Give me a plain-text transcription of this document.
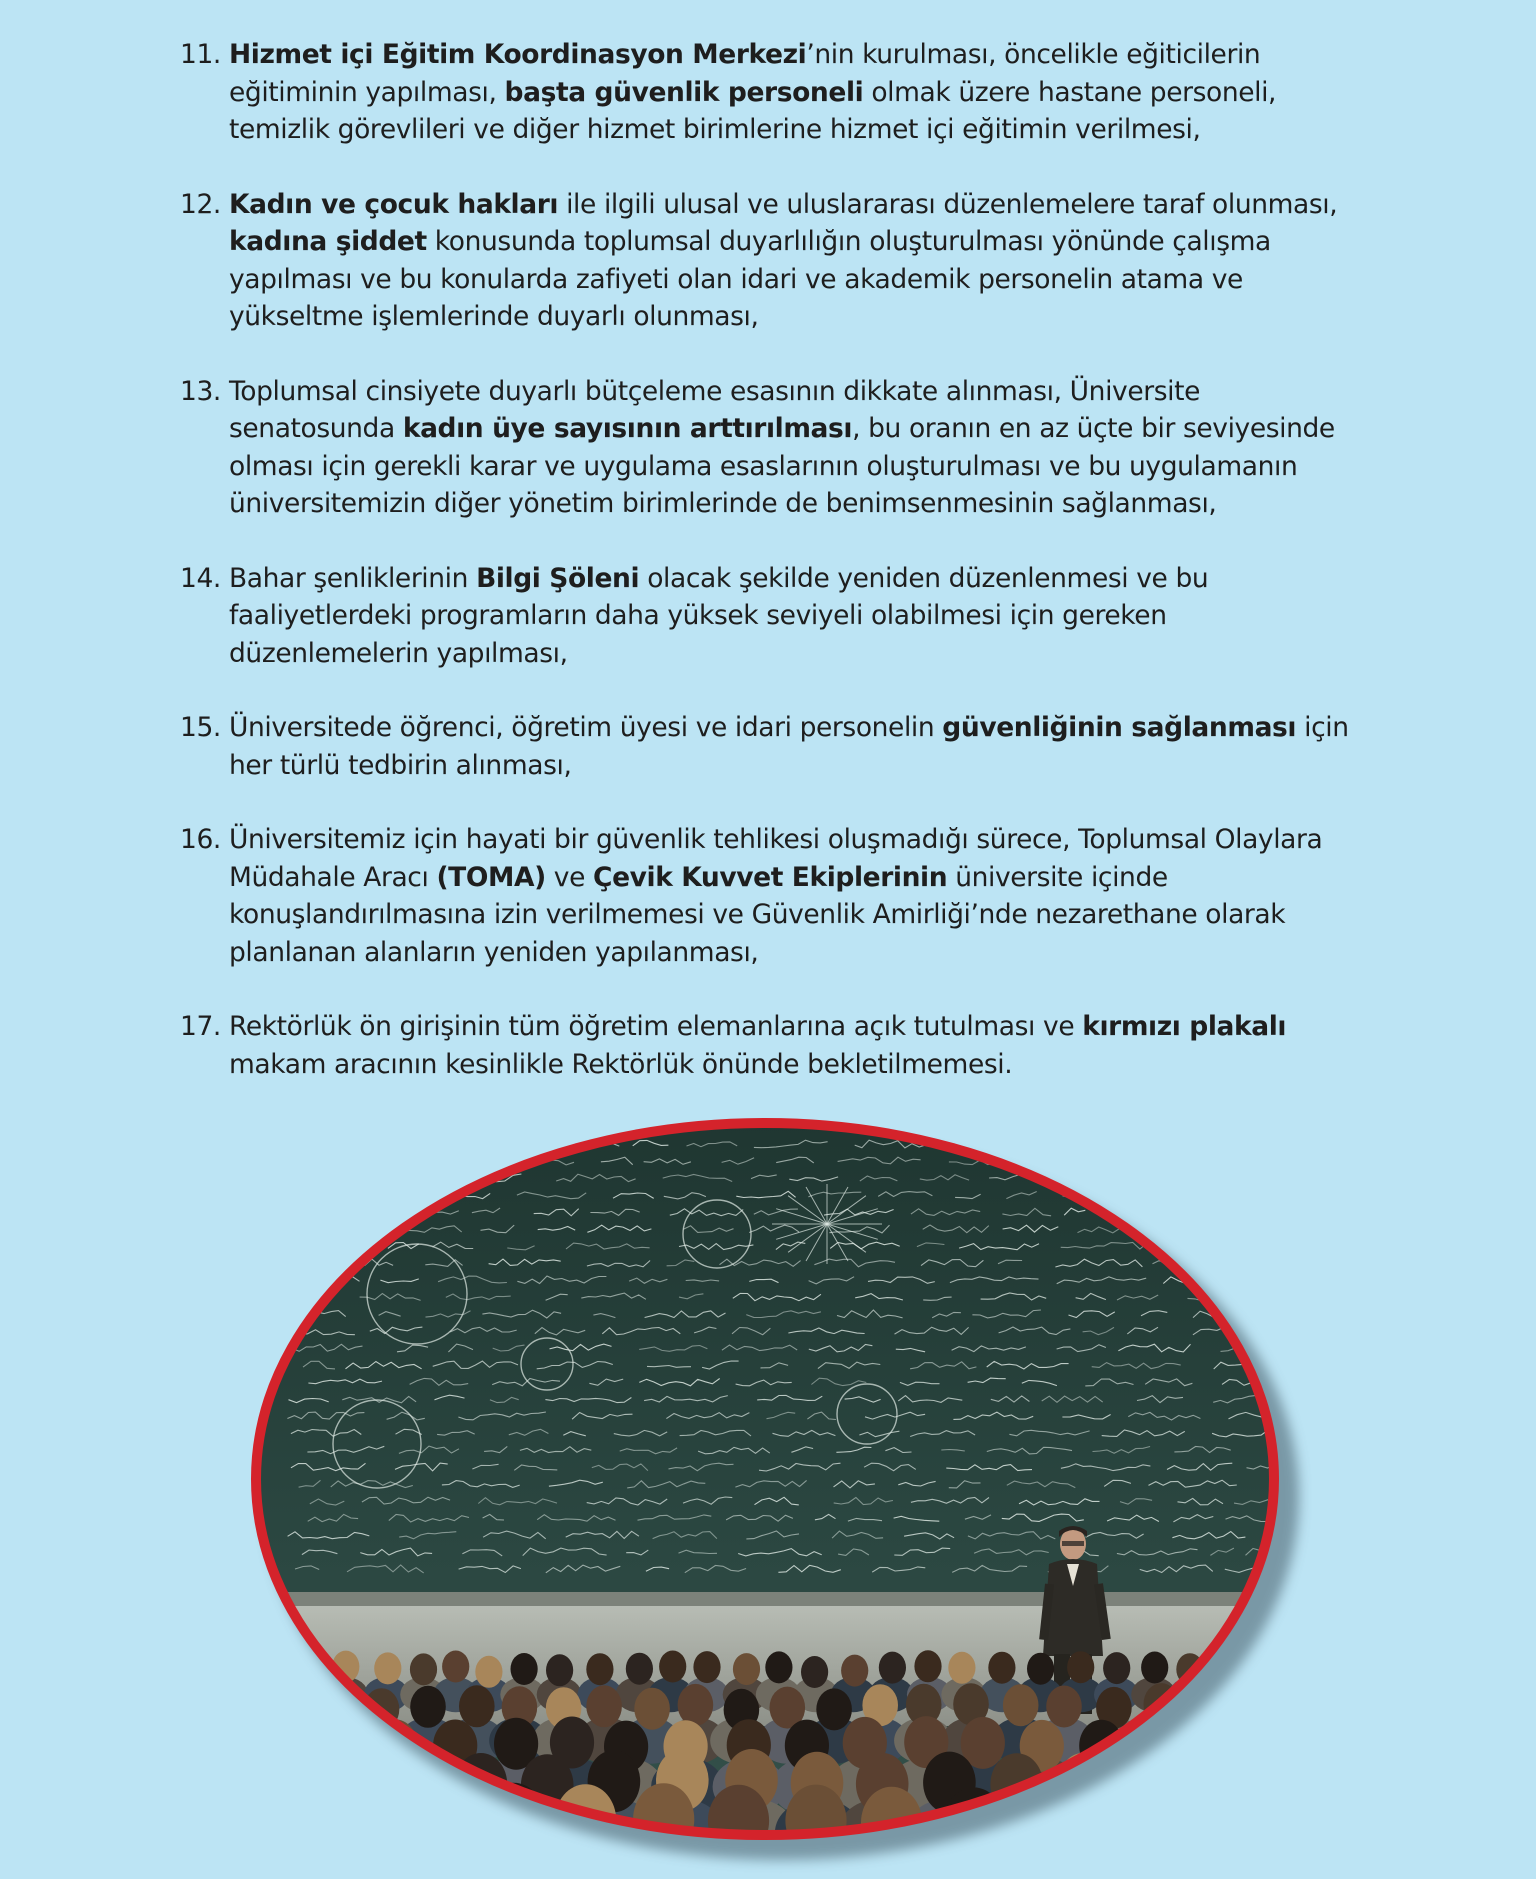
11. Hizmet içi Eğitim Koordinasyon Merkezi’nin kurulması, öncelikle eğiticilerin eğitiminin yapılması, başta güvenlik personeli olmak üzere hastane personeli, temizlik görevlileri ve diğer hizmet birimlerine hizmet içi eğitimin verilmesi,
12. Kadın ve çocuk hakları ile ilgili ulusal ve uluslararası düzenlemelere taraf olunması, kadına şiddet konusunda toplumsal duyarlılığın oluşturulması yönünde çalışma yapılması ve bu konularda zafiyeti olan idari ve akademik personelin atama ve yükseltme işlemlerinde duyarlı olunması,
13. Toplumsal cinsiyete duyarlı bütçeleme esasının dikkate alınması, Üniversite senatosunda kadın üye sayısının arttırılması, bu oranın en az üçte bir seviyesinde olması için gerekli karar ve uygulama esaslarının oluşturulması ve bu uygulamanın üniversitemizin diğer yönetim birimlerinde de benimsenmesinin sağlanması,
14. Bahar şenliklerinin Bilgi Şöleni olacak şekilde yeniden düzenlenmesi ve bu faaliyetlerdeki programların daha yüksek seviyeli olabilmesi için gereken düzenlemelerin yapılması,
15. Üniversitede öğrenci, öğretim üyesi ve idari personelin güvenliğinin sağlanması için her türlü tedbirin alınması,
16. Üniversitemiz için hayati bir güvenlik tehlikesi oluşmadığı sürece, Toplumsal Olaylara Müdahale Aracı (TOMA) ve Çevik Kuvvet Ekiplerinin üniversite içinde konuşlandırılmasına izin verilmemesi ve Güvenlik Amirliği’nde nezarethane olarak planlanan alanların yeniden yapılanması,
17. Rektörlük ön girişinin tüm öğretim elemanlarına açık tutulması ve kırmızı plakalı makam aracının kesinlikle Rektörlük önünde bekletilmemesi.
